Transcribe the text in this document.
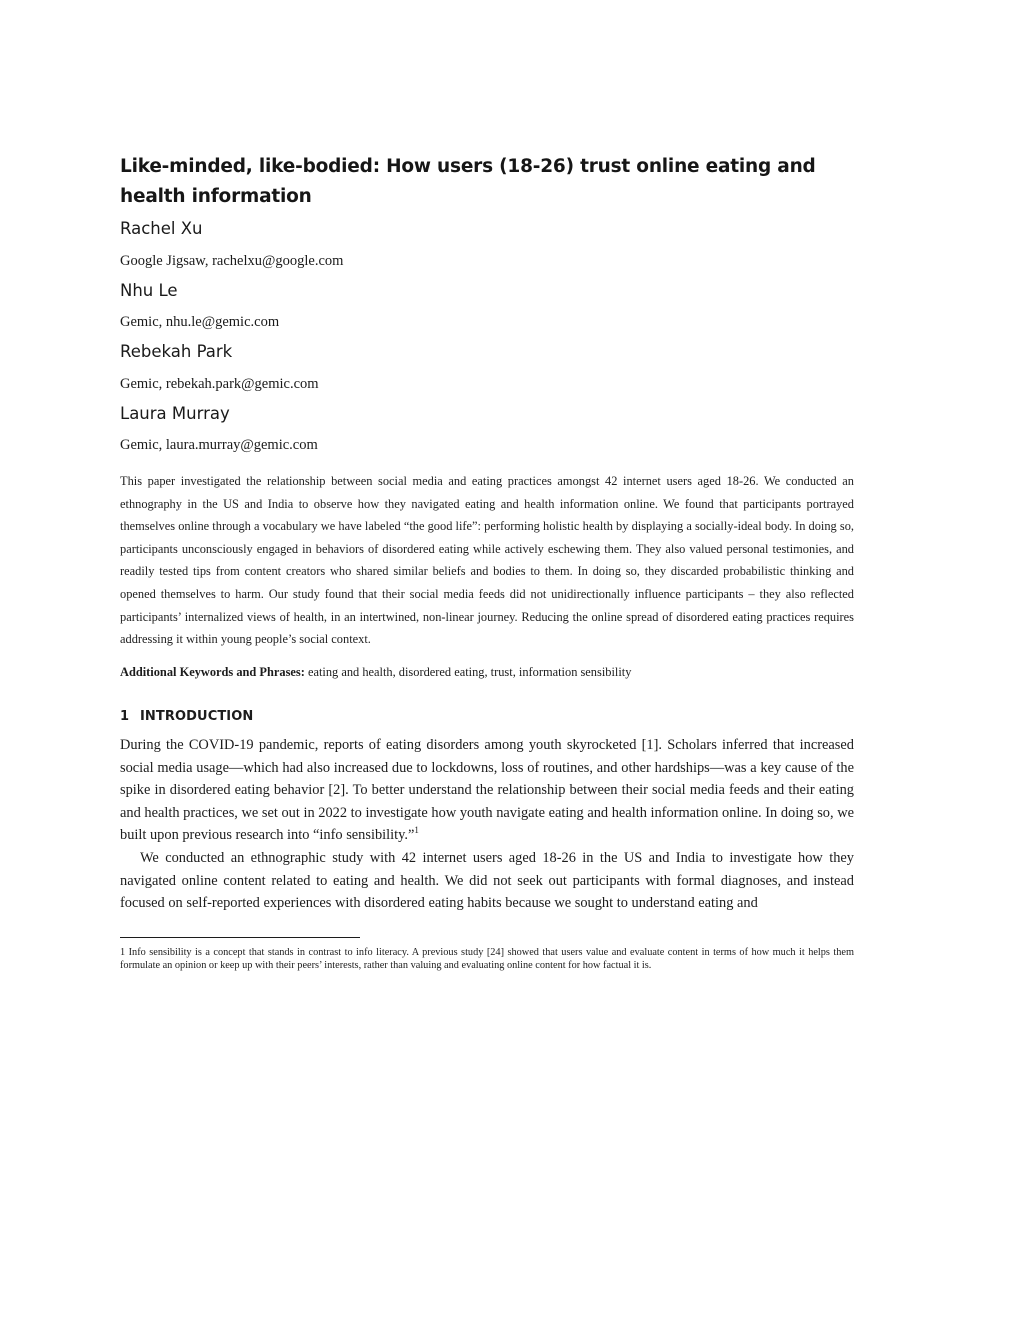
Like-minded, like-bodied: How users (18-26) trust online eating and health information
Rachel Xu

Google Jigsaw, rachelxu@google.com

Nhu Le

Gemic, nhu.le@gemic.com

Rebekah Park

Gemic, rebekah.park@gemic.com

Laura Murray

Gemic, laura.murray@gemic.com

This paper investigated the relationship between social media and eating practices amongst 42 internet users aged 18-26. We conducted an ethnography in the US and India to observe how they navigated eating and health information online. We found that participants portrayed themselves online through a vocabulary we have labeled “the good life”: performing holistic health by displaying a socially-ideal body. In doing so, participants unconsciously engaged in behaviors of disordered eating while actively eschewing them. They also valued personal testimonies, and readily tested tips from content creators who shared similar beliefs and bodies to them. In doing so, they discarded probabilistic thinking and opened themselves to harm. Our study found that their social media feeds did not unidirectionally influence participants – they also reflected participants’ internalized views of health, in an intertwined, non-linear journey. Reducing the online spread of disordered eating practices requires addressing it within young people’s social context.

Additional Keywords and Phrases: eating and health, disordered eating, trust, information sensibility

1 INTRODUCTION

During the COVID-19 pandemic, reports of eating disorders among youth skyrocketed [1]. Scholars inferred that increased social media usage—which had also increased due to lockdowns, loss of routines, and other hardships—was a key cause of the spike in disordered eating behavior [2]. To better understand the relationship between their social media feeds and their eating and health practices, we set out in 2022 to investigate how youth navigate eating and health information online. In doing so, we built upon previous research into “info sensibility.”$^1$

We conducted an ethnographic study with 42 internet users aged 18-26 in the US and India to investigate how they navigated online content related to eating and health. We did not seek out participants with formal diagnoses, and instead focused on self-reported experiences with disordered eating habits because we sought to understand eating and

1 Info sensibility is a concept that stands in contrast to info literacy. A previous study [24] showed that users value and evaluate content in terms of how much it helps them formulate an opinion or keep up with their peers’ interests, rather than valuing and evaluating online content for how factual it is.
